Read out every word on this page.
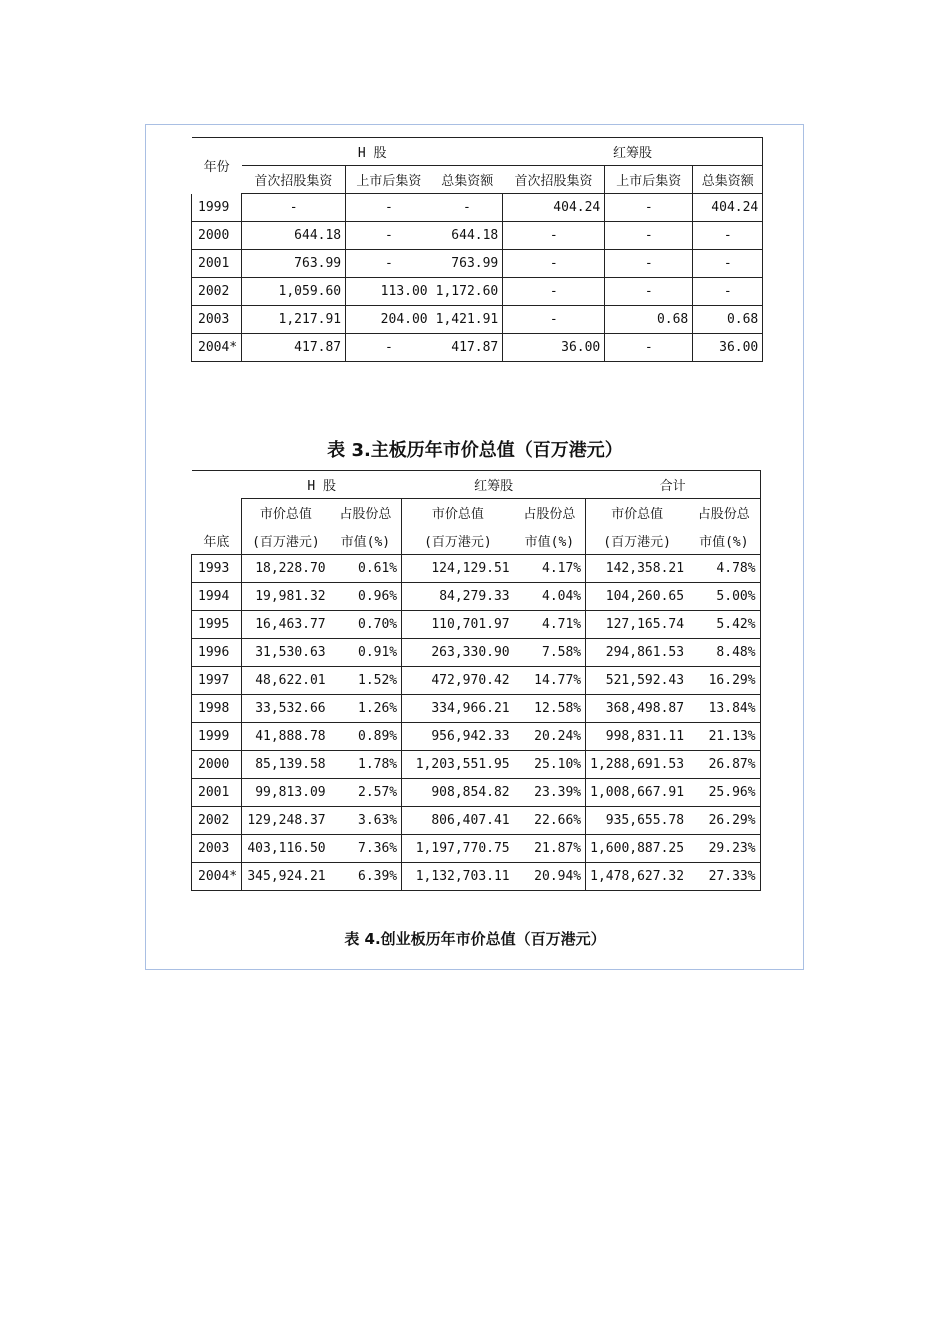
年份	H 股			红筹股		
	首次招股集资	上市后集资	总集资额	首次招股集资	上市后集资	总集资额
1999	-	-	-	404.24	-	404.24
2000	644.18	-	644.18	-	-	-
2001	763.99	-	763.99	-	-	-
2002	1,059.60	113.00	1,172.60	-	-	-
2003	1,217.91	204.00	1,421.91	-	0.68	0.68
2004*	417.87	-	417.87	36.00	-	36.00
表 3.主板历年市价总值（百万港元）
	H 股		红筹股		合计	
	市价总值	占股份总	市价总值	占股份总	市价总值	占股份总
年底	(百万港元)	市值(%)	(百万港元)	市值(%)	(百万港元)	市值(%)
1993	18,228.70	0.61%	124,129.51	4.17%	142,358.21	4.78%
1994	19,981.32	0.96%	84,279.33	4.04%	104,260.65	5.00%
1995	16,463.77	0.70%	110,701.97	4.71%	127,165.74	5.42%
1996	31,530.63	0.91%	263,330.90	7.58%	294,861.53	8.48%
1997	48,622.01	1.52%	472,970.42	14.77%	521,592.43	16.29%
1998	33,532.66	1.26%	334,966.21	12.58%	368,498.87	13.84%
1999	41,888.78	0.89%	956,942.33	20.24%	998,831.11	21.13%
2000	85,139.58	1.78%	1,203,551.95	25.10%	1,288,691.53	26.87%
2001	99,813.09	2.57%	908,854.82	23.39%	1,008,667.91	25.96%
2002	129,248.37	3.63%	806,407.41	22.66%	935,655.78	26.29%
2003	403,116.50	7.36%	1,197,770.75	21.87%	1,600,887.25	29.23%
2004*	345,924.21	6.39%	1,132,703.11	20.94%	1,478,627.32	27.33%
表 4.创业板历年市价总值（百万港元）
